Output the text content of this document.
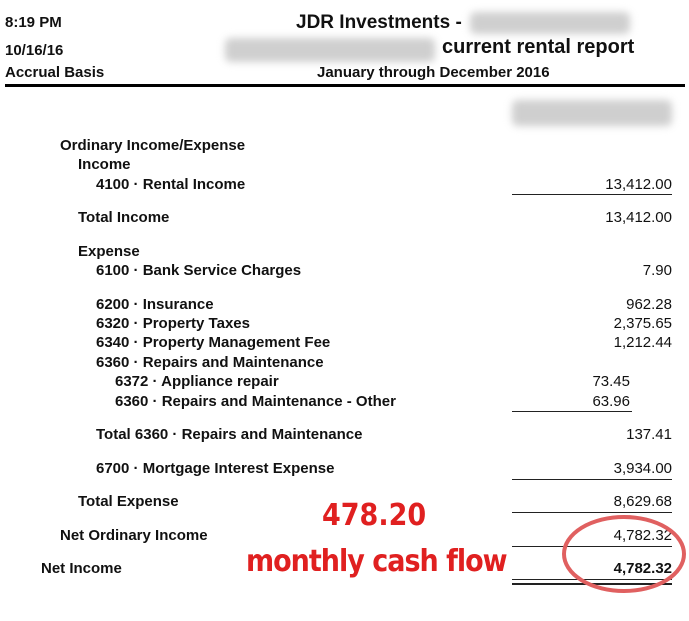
8:19 PM
10/16/16
Accrual Basis
JDR Investments -
current rental report
January through December 2016
Ordinary Income/Expense
Income
4100 · Rental Income	13,412.00
Total Income	13,412.00
Expense
6100 · Bank Service Charges	7.90
6200 · Insurance	962.28
6320 · Property Taxes	2,375.65
6340 · Property Management Fee	1,212.44
6360 · Repairs and Maintenance
6372 · Appliance repair	73.45
6360 · Repairs and Maintenance - Other	63.96
Total 6360 · Repairs and Maintenance	137.41
6700 · Mortgage Interest Expense	3,934.00
Total Expense	8,629.68
Net Ordinary Income	4,782.32
Net Income	4,782.32
478.20
monthly cash flow
